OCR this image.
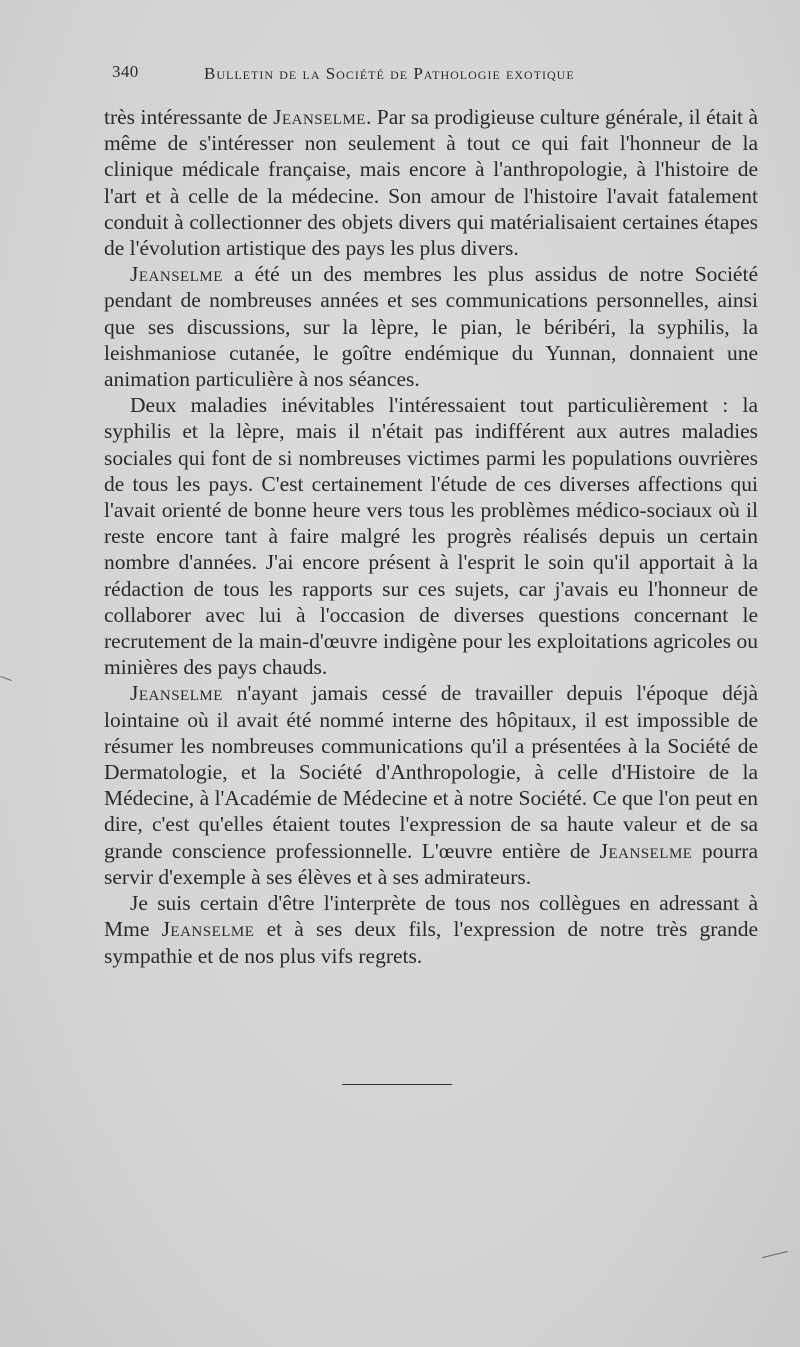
340	Bulletin de la Société de Pathologie exotique

très intéressante de Jeanselme. Par sa prodigieuse culture générale, il était à même de s'intéresser non seulement à tout ce qui fait l'honneur de la clinique médicale française, mais encore à l'anthropologie, à l'histoire de l'art et à celle de la médecine. Son amour de l'histoire l'avait fatalement conduit à collectionner des objets divers qui matérialisaient certaines étapes de l'évolution artistique des pays les plus divers.

Jeanselme a été un des membres les plus assidus de notre Société pendant de nombreuses années et ses communications personnelles, ainsi que ses discussions, sur la lèpre, le pian, le béribéri, la syphilis, la leishmaniose cutanée, le goître endémique du Yunnan, donnaient une animation particulière à nos séances.

Deux maladies inévitables l'intéressaient tout particulièrement : la syphilis et la lèpre, mais il n'était pas indifférent aux autres maladies sociales qui font de si nombreuses victimes parmi les populations ouvrières de tous les pays. C'est certainement l'étude de ces diverses affections qui l'avait orienté de bonne heure vers tous les problèmes médico-sociaux où il reste encore tant à faire malgré les progrès réalisés depuis un certain nombre d'années. J'ai encore présent à l'esprit le soin qu'il apportait à la rédaction de tous les rapports sur ces sujets, car j'avais eu l'honneur de collaborer avec lui à l'occasion de diverses questions concernant le recrutement de la main-d'œuvre indigène pour les exploitations agricoles ou minières des pays chauds.

Jeanselme n'ayant jamais cessé de travailler depuis l'époque déjà lointaine où il avait été nommé interne des hôpitaux, il est impossible de résumer les nombreuses communications qu'il a présentées à la Société de Dermatologie, et la Société d'Anthropologie, à celle d'Histoire de la Médecine, à l'Académie de Médecine et à notre Société. Ce que l'on peut en dire, c'est qu'elles étaient toutes l'expression de sa haute valeur et de sa grande conscience professionnelle. L'œuvre entière de Jeanselme pourra servir d'exemple à ses élèves et à ses admirateurs.

Je suis certain d'être l'interprète de tous nos collègues en adressant à Mme Jeanselme et à ses deux fils, l'expression de notre très grande sympathie et de nos plus vifs regrets.
